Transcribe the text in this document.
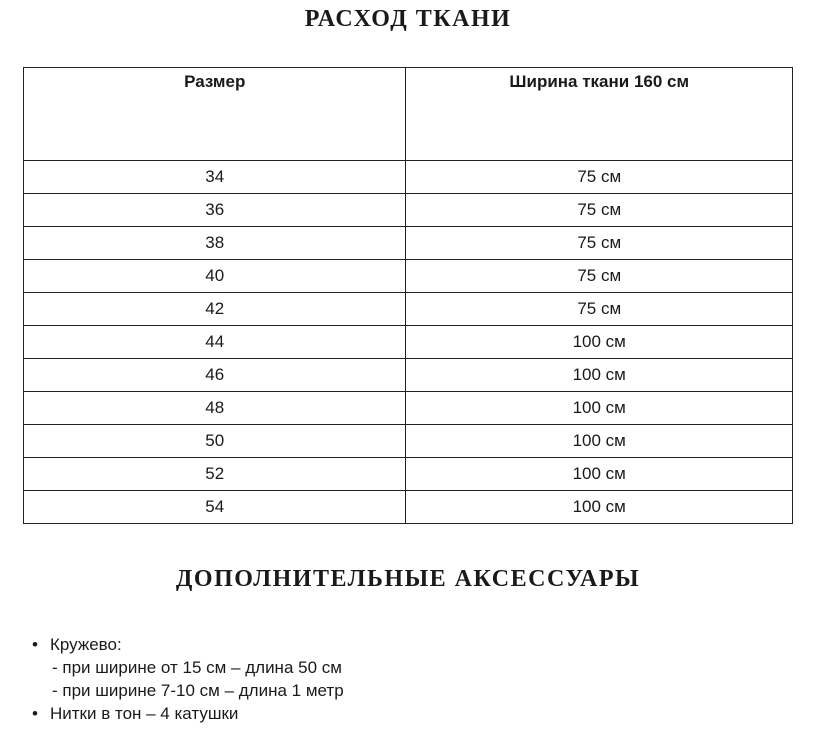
РАСХОД ТКАНИ
Размер	Ширина ткани 160 см
34	75 см
36	75 см
38	75 см
40	75 см
42	75 см
44	100 см
46	100 см
48	100 см
50	100 см
52	100 см
54	100 см
ДОПОЛНИТЕЛЬНЫЕ АКСЕССУАРЫ
• Кружево:
- при ширине от 15 см – длина 50 см
- при ширине 7-10 см – длина 1 метр
• Нитки в тон – 4 катушки
